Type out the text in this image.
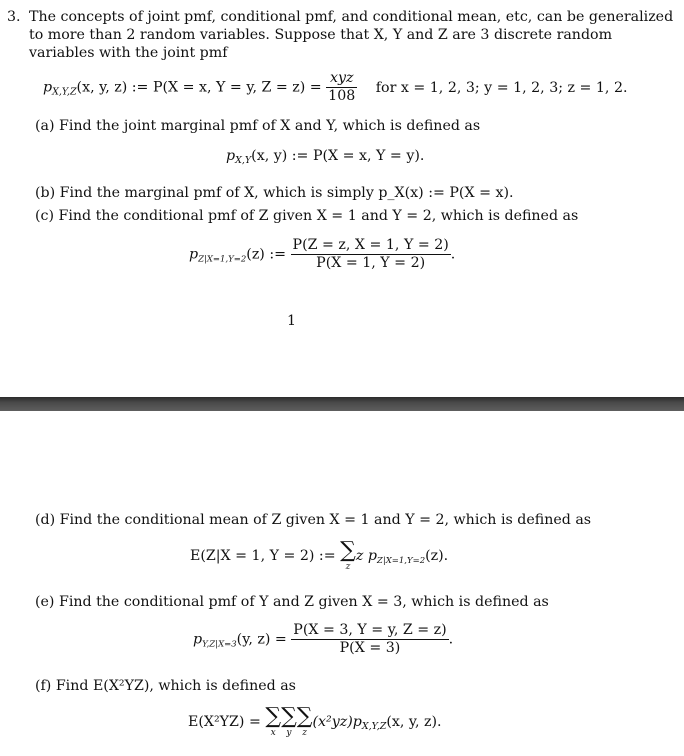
3. The concepts of joint pmf, conditional pmf, and conditional mean, etc, can be generalized
to more than 2 random variables. Suppose that X, Y and Z are 3 discrete random
variables with the joint pmf
$p_{X,Y,Z}(x$, y, z) := P(X = x, Y = y, $Z = z) = \frac{\text{xyz}}{108}$ for x = 1, 2, 3; y = 1, 2, 3; z = 1, 2.
(a) Find the joint marginal pmf of X and Y, which is defined as
$p_{X,Y}(x$, y) := P(X = x, Y = y).
(b) Find the marginal pmf of X, which is simply p_X(x) := P(X = x).
(c) Find the conditional pmf of Z given X = 1 and Y = 2, which is defined as
$p_{Z|X=1,Y=2}(z)$ := $\frac{P(Z = z, X = 1, Y = 2)}{P(X = 1, Y = 2)}$ .
1
(d) Find the conditional mean of Z given X = 1 and Y = 2, which is defined as
E(Z|X = 1, Y = 2) := ∑
z
z $p_{Z|X=1,Y=2}(z)$.
(e) Find the conditional pmf of Y and Z given X = 3, which is defined as
$p_{Y,Z|X=3}(y$, $z) = \frac{P(X = 3, Y = y, Z = z)}{P(X = 3)}$ .
(f) Find E(X²YZ), which is defined as
E(X²YZ) = ∑
x
∑
y
∑
z
$(x^2yz)p_{X,Y,Z}(x$, y, z).
